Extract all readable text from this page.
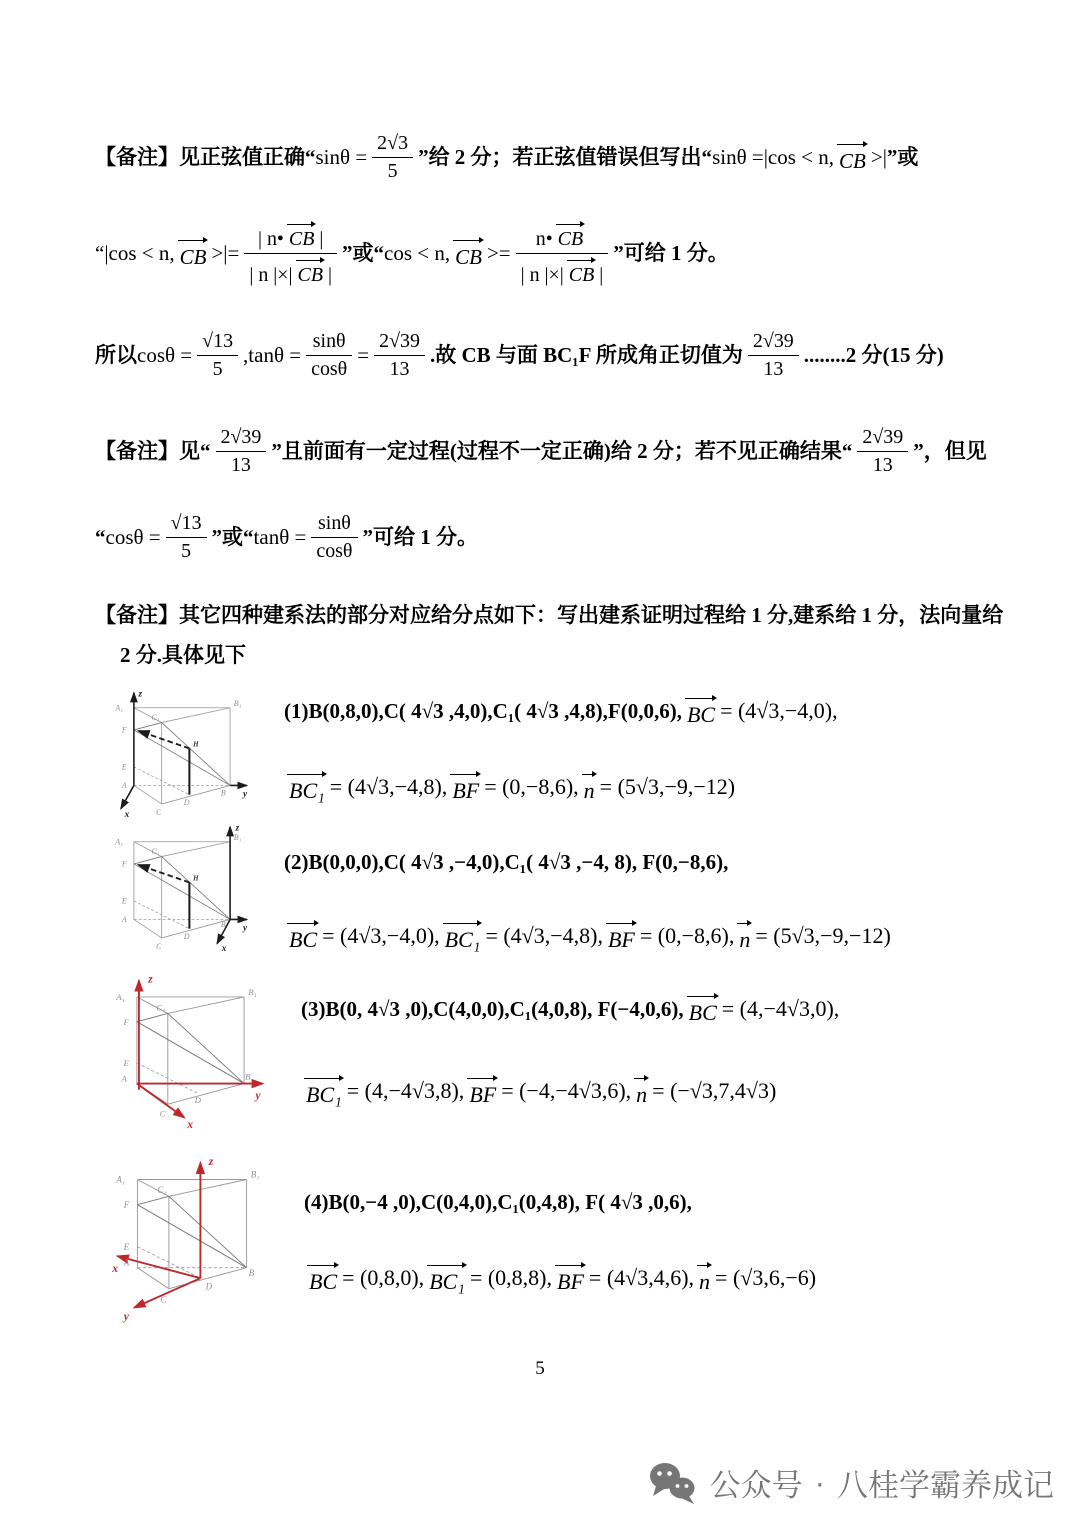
【备注】见正弦值正确“ $\sin\theta = \frac{2√3}{5}$ ”给 2 分；若正弦值错误但写出“ sinθ =|cos < n, CB >| ”或
“|cos < n, CB >|= $\frac{| n• CB |}{| n |\times| CB |}$ ”或“ cos < n, CB >= $\frac{n• CB}{| n |\times| CB |}$ ”可给 1 分。
所以 $\cos\theta = \frac{√13}{5}$ , $\tan\theta = \frac{\sin\theta}{\cos\theta} = \frac{2√39}{13}$ .故 CB 与面 BC₁F 所成角正切值为 $\frac{2√39}{13} ........2$ 分(15 分)
【备注】见“ $\frac{2√39}{13}$ ”且前面有一定过程(过程不一定正确)给 2 分；若不见正确结果“ $\frac{2√39}{13}$ ”，但见
“ $\cos\theta = \frac{√13}{5}$ ”或“ $\tan\theta = \frac{\sin\theta}{\cos\theta}$ ”可给 1 分。
【备注】其它四种建系法的部分对应给分点如下：写出建系证明过程给 1 分,建系给 1 分，法向量给
2 分.具体见下
A₁
B₁
C₁
F
E
A
B
C
D
H
z
y
x
(1)B(0,8,0),C( 4√3 ,4,0),C₁( 4√3 ,4,8),F(0,0,6), BC = (4√3,−4,0),
BC₁ = (4√3,−4,8), BF = (0,−8,6), n = (5√3,−9,−12)
A₁
B₁
C₁
F
E
A
B
C
D
H
z
y
x
(2)B(0,0,0),C( 4√3 ,−4,0),C₁( 4√3 ,−4, 8), F(0,−8,6),
BC = (4√3,−4,0), BC₁ = (4√3,−4,8), BF = (0,−8,6), n = (5√3,−9,−12)
A₁
B₁
C₁
F
E
A	B
C
D
z
y
x
(3)B(0, 4√3 ,0),C(4,0,0),C₁(4,0,8), F(−4,0,6), BC = (4,−4√3,0),
BC₁ = (4,−4√3,8), BF = (−4,−4√3,6), n = (−√3,7,4√3)
A₁
B₁
C₁
F
E
A
B
C
D
z
x
y
(4)B(0,−4 ,0),C(0,4,0),C₁(0,4,8), F( 4√3 ,0,6),
BC = (0,8,0), BC₁ = (0,8,8), BF = (4√3,4,6), n = (√3,6,−6)
5
公众号 · 八桂学霸养成记
